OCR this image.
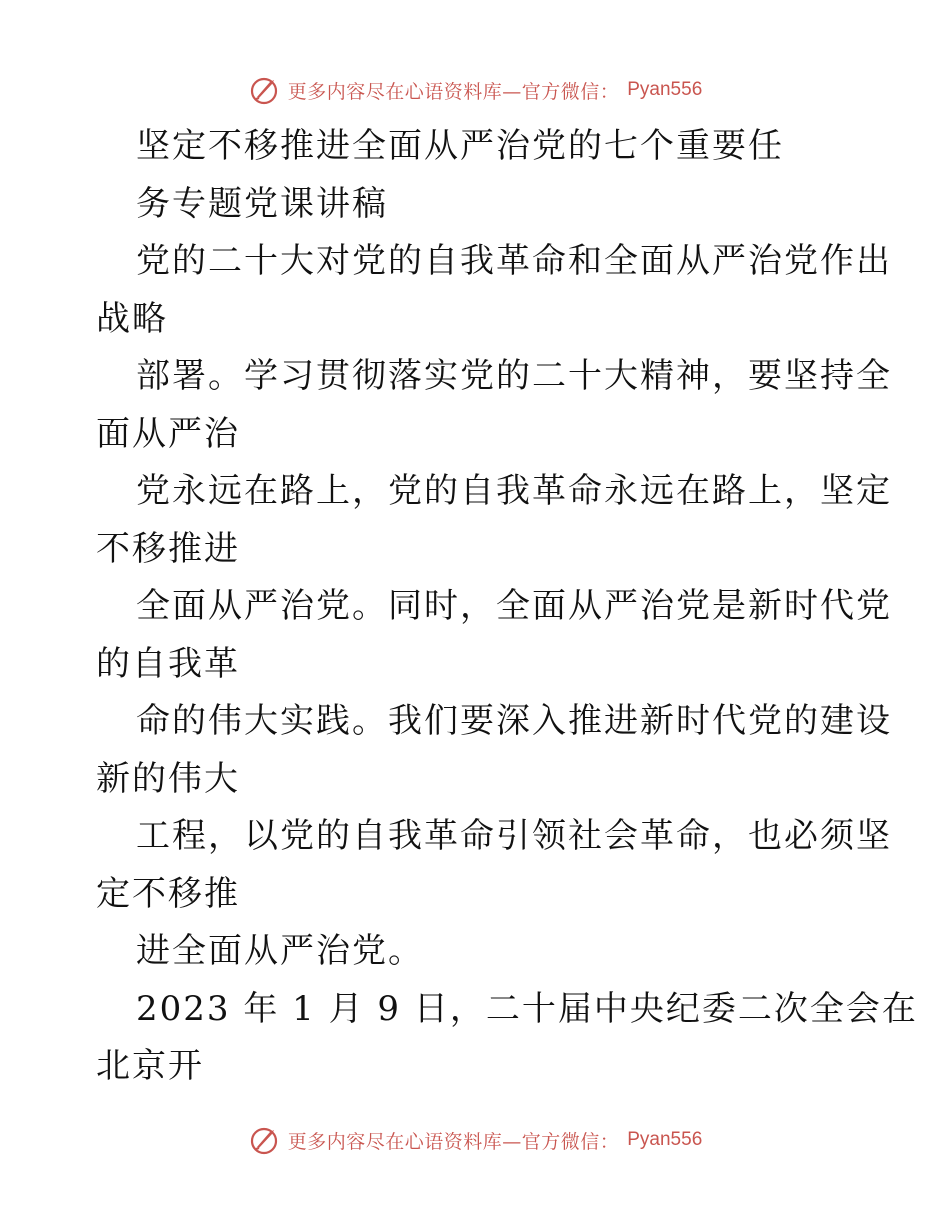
更多内容尽在心语资料库—官方微信： Pyan556
坚定不移推进全面从严治党的七个重要任
务专题党课讲稿
党的二十大对党的自我革命和全面从严治党作出
战略
部署。学习贯彻落实党的二十大精神，要坚持全
面从严治
党永远在路上，党的自我革命永远在路上，坚定
不移推进
全面从严治党。同时，全面从严治党是新时代党
的自我革
命的伟大实践。我们要深入推进新时代党的建设
新的伟大
工程，以党的自我革命引领社会革命，也必须坚
定不移推
进全面从严治党。
2023 年 1 月 9 日，二十届中央纪委二次全会在
北京开
更多内容尽在心语资料库—官方微信： Pyan556
